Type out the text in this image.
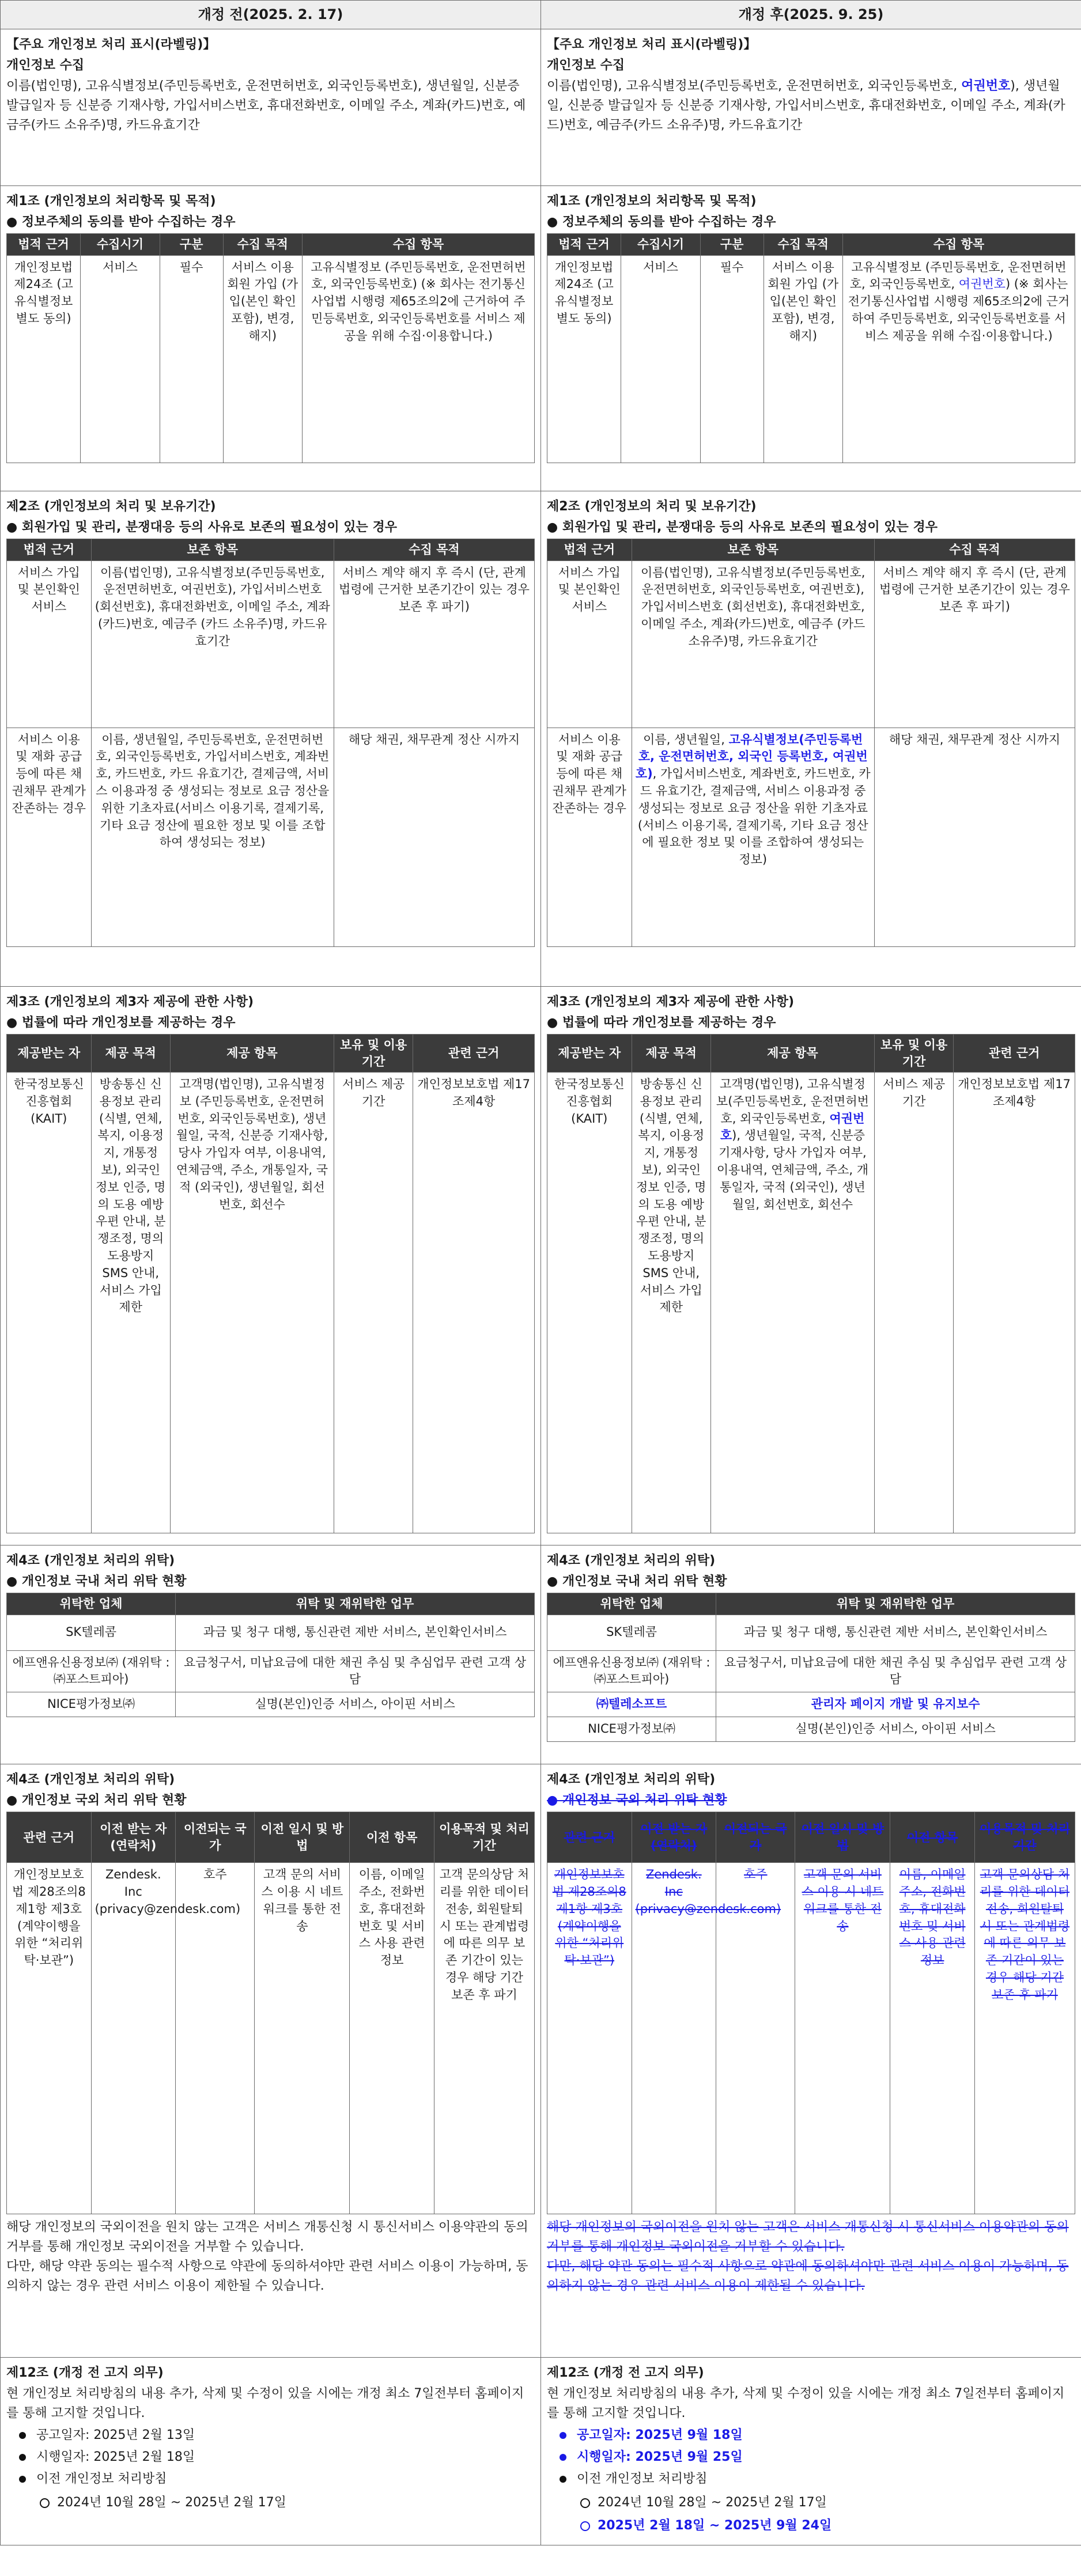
개정 전(2025. 2. 17)	개정 후(2025. 9. 25)

【주요 개인정보 처리 표시(라벨링)】
개인정보 수집
이름(법인명), 고유식별정보(주민등록번호, 운전면허번호, 외국인등록번호), 생년월일, 신분증 발급일자 등 신분증 기재사항, 가입서비스번호, 휴대전화번호, 이메일 주소, 계좌(카드)번호, 예금주(카드 소유주)명, 카드유효기간

【주요 개인정보 처리 표시(라벨링)】
개인정보 수집
이름(법인명), 고유식별정보(주민등록번호, 운전면허번호, 외국인등록번호, 여권번호), 생년월일, 신분증 발급일자 등 신분증 기재사항, 가입서비스번호, 휴대전화번호, 이메일 주소, 계좌(카드)번호, 예금주(카드 소유주)명, 카드유효기간

제1조 (개인정보의 처리항목 및 목적)
● 정보주체의 동의를 받아 수집하는 경우
법적 근거	수집시기	구분	수집 목적	수집 항목
개인정보법 제24조 (고유식별정보 별도 동의)	서비스	필수	서비스 이용 회원 가입 (가입(본인 확인 포함), 변경, 해지)	고유식별정보 (주민등록번호, 운전면허번호, 외국인등록번호) (※ 회사는 전기통신사업법 시행령 제65조의2에 근거하여 주민등록번호, 외국인등록번호를 서비스 제공을 위해 수집·이용합니다.)

제1조 (개인정보의 처리항목 및 목적)
● 정보주체의 동의를 받아 수집하는 경우
법적 근거	수집시기	구분	수집 목적	수집 항목
개인정보법 제24조 (고유식별정보 별도 동의)	서비스	필수	서비스 이용 회원 가입 (가입(본인 확인 포함), 변경, 해지)	고유식별정보 (주민등록번호, 운전면허번호, 외국인등록번호, 여권번호) (※ 회사는 전기통신사업법 시행령 제65조의2에 근거하여 주민등록번호, 외국인등록번호를 서비스 제공을 위해 수집·이용합니다.)

제2조 (개인정보의 처리 및 보유기간)
● 회원가입 및 관리, 분쟁대응 등의 사유로 보존의 필요성이 있는 경우
법적 근거	보존 항목	수집 목적
서비스 가입 및 본인확인 서비스	이름(법인명), 고유식별정보(주민등록번호, 운전면허번호, 여권번호), 가입서비스번호 (회선번호), 휴대전화번호, 이메일 주소, 계좌(카드)번호, 예금주 (카드 소유주)명, 카드유효기간	서비스 계약 해지 후 즉시 (단, 관계법령에 근거한 보존기간이 있는 경우 보존 후 파기)
서비스 이용 및 재화 공급등에 따른 채권채무 관계가 잔존하는 경우	이름, 생년월일, 주민등록번호, 운전면허번호, 외국인등록번호, 가입서비스번호, 계좌번호, 카드번호, 카드 유효기간, 결제금액, 서비스 이용과정 중 생성되는 정보로 요금 정산을 위한 기초자료(서비스 이용기록, 결제기록, 기타 요금 정산에 필요한 정보 및 이를 조합하여 생성되는 정보)	해당 채권, 채무관계 정산 시까지

제2조 (개인정보의 처리 및 보유기간)
● 회원가입 및 관리, 분쟁대응 등의 사유로 보존의 필요성이 있는 경우
법적 근거	보존 항목	수집 목적
서비스 가입 및 본인확인 서비스	이름(법인명), 고유식별정보(주민등록번호, 운전면허번호, 외국인등록번호, 여권번호), 가입서비스번호 (회선번호), 휴대전화번호, 이메일 주소, 계좌(카드)번호, 예금주 (카드 소유주)명, 카드유효기간	서비스 계약 해지 후 즉시 (단, 관계법령에 근거한 보존기간이 있는 경우 보존 후 파기)
서비스 이용 및 재화 공급등에 따른 채권채무 관계가 잔존하는 경우	이름, 생년월일, 고유식별정보(주민등록번호, 운전면허번호, 외국인 등록번호, 여권번호), 가입서비스번호, 계좌번호, 카드번호, 카드 유효기간, 결제금액, 서비스 이용과정 중 생성되는 정보로 요금 정산을 위한 기초자료 (서비스 이용기록, 결제기록, 기타 요금 정산에 필요한 정보 및 이를 조합하여 생성되는 정보)	해당 채권, 채무관계 정산 시까지

제3조 (개인정보의 제3자 제공에 관한 사항)
● 법률에 따라 개인정보를 제공하는 경우
제공받는 자	제공 목적	제공 항목	보유 및 이용기간	관련 근거
한국정보통신 진흥협회 (KAIT)	방송통신 신용정보 관리(식별, 연체, 복지, 이용정지, 개통정보), 외국인 정보 인증, 명의 도용 예방 우편 안내, 분쟁조정, 명의도용방지 SMS 안내, 서비스 가입제한	고객명(법인명), 고유식별정보 (주민등록번호, 운전면허번호, 외국인등록번호), 생년월일, 국적, 신분증 기재사항, 당사 가입자 여부, 이용내역, 연체금액, 주소, 개통일자, 국적 (외국인), 생년월일, 회선번호, 회선수	서비스 제공 기간	개인정보보호법 제17조제4항

제3조 (개인정보의 제3자 제공에 관한 사항)
● 법률에 따라 개인정보를 제공하는 경우
제공받는 자	제공 목적	제공 항목	보유 및 이용기간	관련 근거
한국정보통신 진흥협회 (KAIT)	방송통신 신용정보 관리(식별, 연체, 복지, 이용정지, 개통정보), 외국인 정보 인증, 명의 도용 예방 우편 안내, 분쟁조정, 명의도용방지 SMS 안내, 서비스 가입제한	고객명(법인명), 고유식별정보(주민등록번호, 운전면허번호, 외국인등록번호, 여권번호), 생년월일, 국적, 신분증 기재사항, 당사 가입자 여부, 이용내역, 연체금액, 주소, 개통일자, 국적 (외국인), 생년월일, 회선번호, 회선수	서비스 제공 기간	개인정보보호법 제17조제4항

제4조 (개인정보 처리의 위탁)
● 개인정보 국내 처리 위탁 현황
위탁한 업체	위탁 및 재위탁한 업무
SK텔레콤	과금 및 청구 대행, 통신관련 제반 서비스, 본인확인서비스
에프앤유신용정보㈜ (재위탁 : ㈜포스트피아)	요금청구서, 미납요금에 대한 채권 추심 및 추심업무 관련 고객 상담
NICE평가정보㈜	실명(본인)인증 서비스, 아이핀 서비스

제4조 (개인정보 처리의 위탁)
● 개인정보 국내 처리 위탁 현황
위탁한 업체	위탁 및 재위탁한 업무
SK텔레콤	과금 및 청구 대행, 통신관련 제반 서비스, 본인확인서비스
에프앤유신용정보㈜ (재위탁 : ㈜포스트피아)	요금청구서, 미납요금에 대한 채권 추심 및 추심업무 관련 고객 상담
㈜텔레소프트	관리자 페이지 개발 및 유지보수
NICE평가정보㈜	실명(본인)인증 서비스, 아이핀 서비스

제4조 (개인정보 처리의 위탁)
● 개인정보 국외 처리 위탁 현황
관련 근거	이전 받는 자 (연락처)	이전되는 국가	이전 일시 및 방법	이전 항목	이용목적 및 처리 기간
개인정보보호법 제28조의8 제1항 제3호 (계약이행을 위한 “처리위탁·보관”)	Zendesk. Inc (privacy@zendesk.com)	호주	고객 문의 서비스 이용 시 네트워크를 통한 전송	이름, 이메일 주소, 전화번호, 휴대전화번호 및 서비스 사용 관련 정보	고객 문의상담 처리를 위한 데이터 전송, 회원탈퇴 시 또는 관계법령에 따른 의무 보존 기간이 있는 경우 해당 기간 보존 후 파기
해당 개인정보의 국외이전을 원치 않는 고객은 서비스 개통신청 시 통신서비스 이용약관의 동의 거부를 통해 개인정보 국외이전을 거부할 수 있습니다.
다만, 해당 약관 동의는 필수적 사항으로 약관에 동의하셔야만 관련 서비스 이용이 가능하며, 동의하지 않는 경우 관련 서비스 이용이 제한될 수 있습니다.

제4조 (개인정보 처리의 위탁)
● 개인정보 국외 처리 위탁 현황
관련 근거	이전 받는 자 (연락처)	이전되는 국가	이전 일시 및 방법	이전 항목	이용목적 및 처리 기간
개인정보보호법 제28조의8 제1항 제3호 (계약이행을 위한 “처리위탁·보관”)	Zendesk. Inc (privacy@zendesk.com)	호주	고객 문의 서비스 이용 시 네트워크를 통한 전송	이름, 이메일 주소, 전화번호, 휴대전화번호 및 서비스 사용 관련 정보	고객 문의상담 처리를 위한 데이터 전송, 회원탈퇴 시 또는 관계법령에 따른 의무 보존 기간이 있는 경우 해당 기간 보존 후 파기
해당 개인정보의 국외이전을 원치 않는 고객은 서비스 개통신청 시 통신서비스 이용약관의 동의 거부를 통해 개인정보 국외이전을 거부할 수 있습니다.
다만, 해당 약관 동의는 필수적 사항으로 약관에 동의하셔야만 관련 서비스 이용이 가능하며, 동의하지 않는 경우 관련 서비스 이용이 제한될 수 있습니다.

제12조 (개정 전 고지 의무)
현 개인정보 처리방침의 내용 추가, 삭제 및 수정이 있을 시에는 개정 최소 7일전부터 홈페이지를 통해 고지할 것입니다.
공고일자: 2025년 2월 13일
시행일자: 2025년 2월 18일
이전 개인정보 처리방침
2024년 10월 28일 ~ 2025년 2월 17일

제12조 (개정 전 고지 의무)
현 개인정보 처리방침의 내용 추가, 삭제 및 수정이 있을 시에는 개정 최소 7일전부터 홈페이지를 통해 고지할 것입니다.
공고일자: 2025년 9월 18일
시행일자: 2025년 9월 25일
이전 개인정보 처리방침
2024년 10월 28일 ~ 2025년 2월 17일
2025년 2월 18일 ~ 2025년 9월 24일
